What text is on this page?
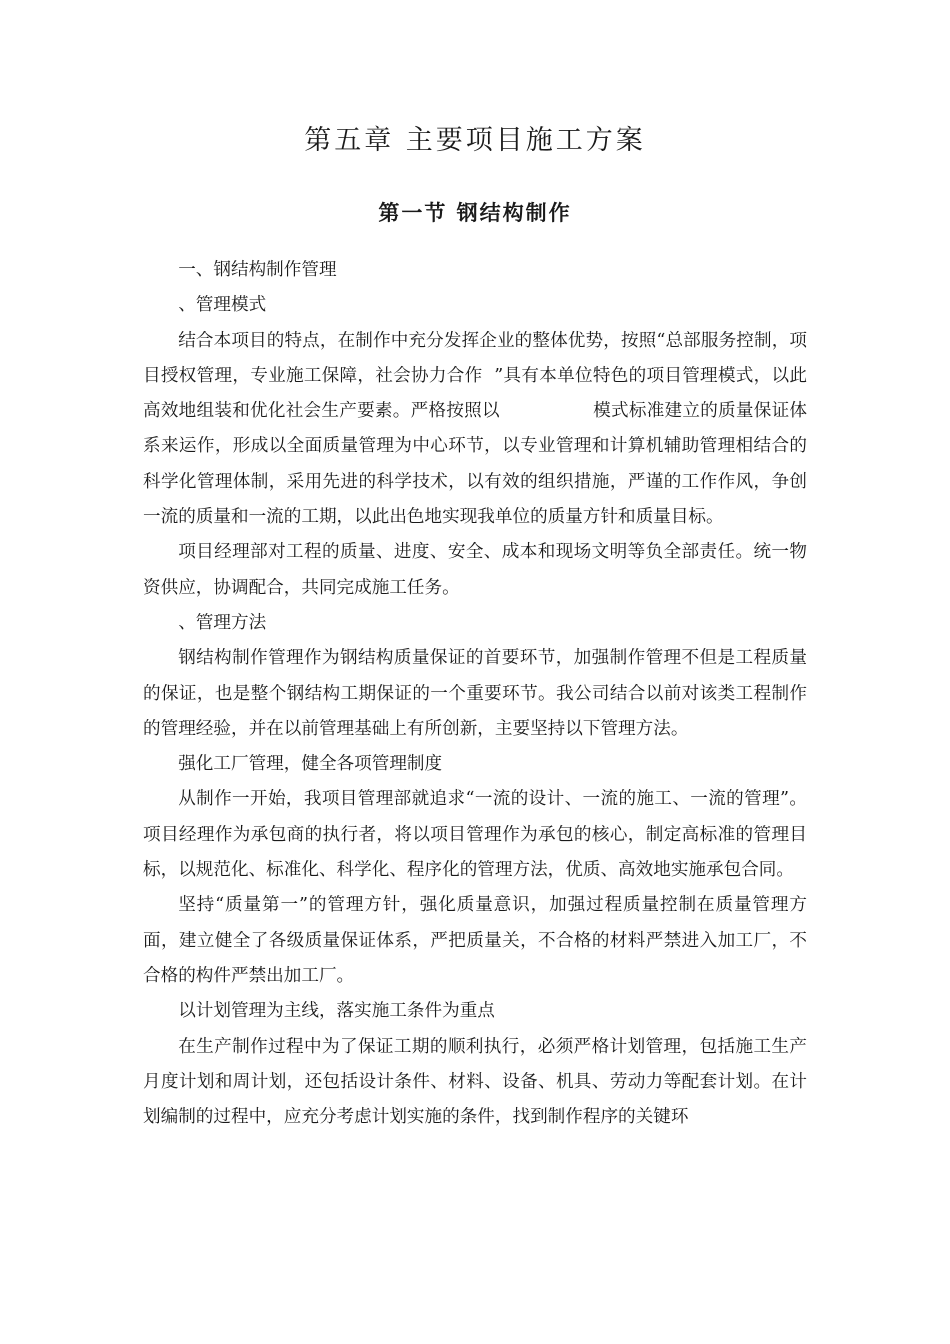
第五章 主要项目施工方案
第一节 钢结构制作

一、钢结构制作管理

、管理模式

结合本项目的特点，在制作中充分发挥企业的整体优势，按照“总部服务控制，项目授权管理，专业施工保障，社会协力合作  ”具有本单位特色的项目管理模式，以此高效地组装和优化社会生产要素。严格按照以                模式标准建立的质量保证体系来运作，形成以全面质量管理为中心环节，以专业管理和计算机辅助管理相结合的科学化管理体制，采用先进的科学技术，以有效的组织措施，严谨的工作作风，争创一流的质量和一流的工期，以此出色地实现我单位的质量方针和质量目标。

项目经理部对工程的质量、进度、安全、成本和现场文明等负全部责任。统一物资供应，协调配合，共同完成施工任务。

、管理方法

钢结构制作管理作为钢结构质量保证的首要环节，加强制作管理不但是工程质量的保证，也是整个钢结构工期保证的一个重要环节。我公司结合以前对该类工程制作的管理经验，并在以前管理基础上有所创新，主要坚持以下管理方法。

强化工厂管理，健全各项管理制度

从制作一开始，我项目管理部就追求“一流的设计、一流的施工、一流的管理”。项目经理作为承包商的执行者，将以项目管理作为承包的核心，制定高标准的管理目标，以规范化、标准化、科学化、程序化的管理方法，优质、高效地实施承包合同。

坚持“质量第一”的管理方针，强化质量意识，加强过程质量控制在质量管理方面，建立健全了各级质量保证体系，严把质量关，不合格的材料严禁进入加工厂，不合格的构件严禁出加工厂。

以计划管理为主线，落实施工条件为重点

在生产制作过程中为了保证工期的顺利执行，必须严格计划管理，包括施工生产月度计划和周计划，还包括设计条件、材料、设备、机具、劳动力等配套计划。在计划编制的过程中，应充分考虑计划实施的条件，找到制作程序的关键环
